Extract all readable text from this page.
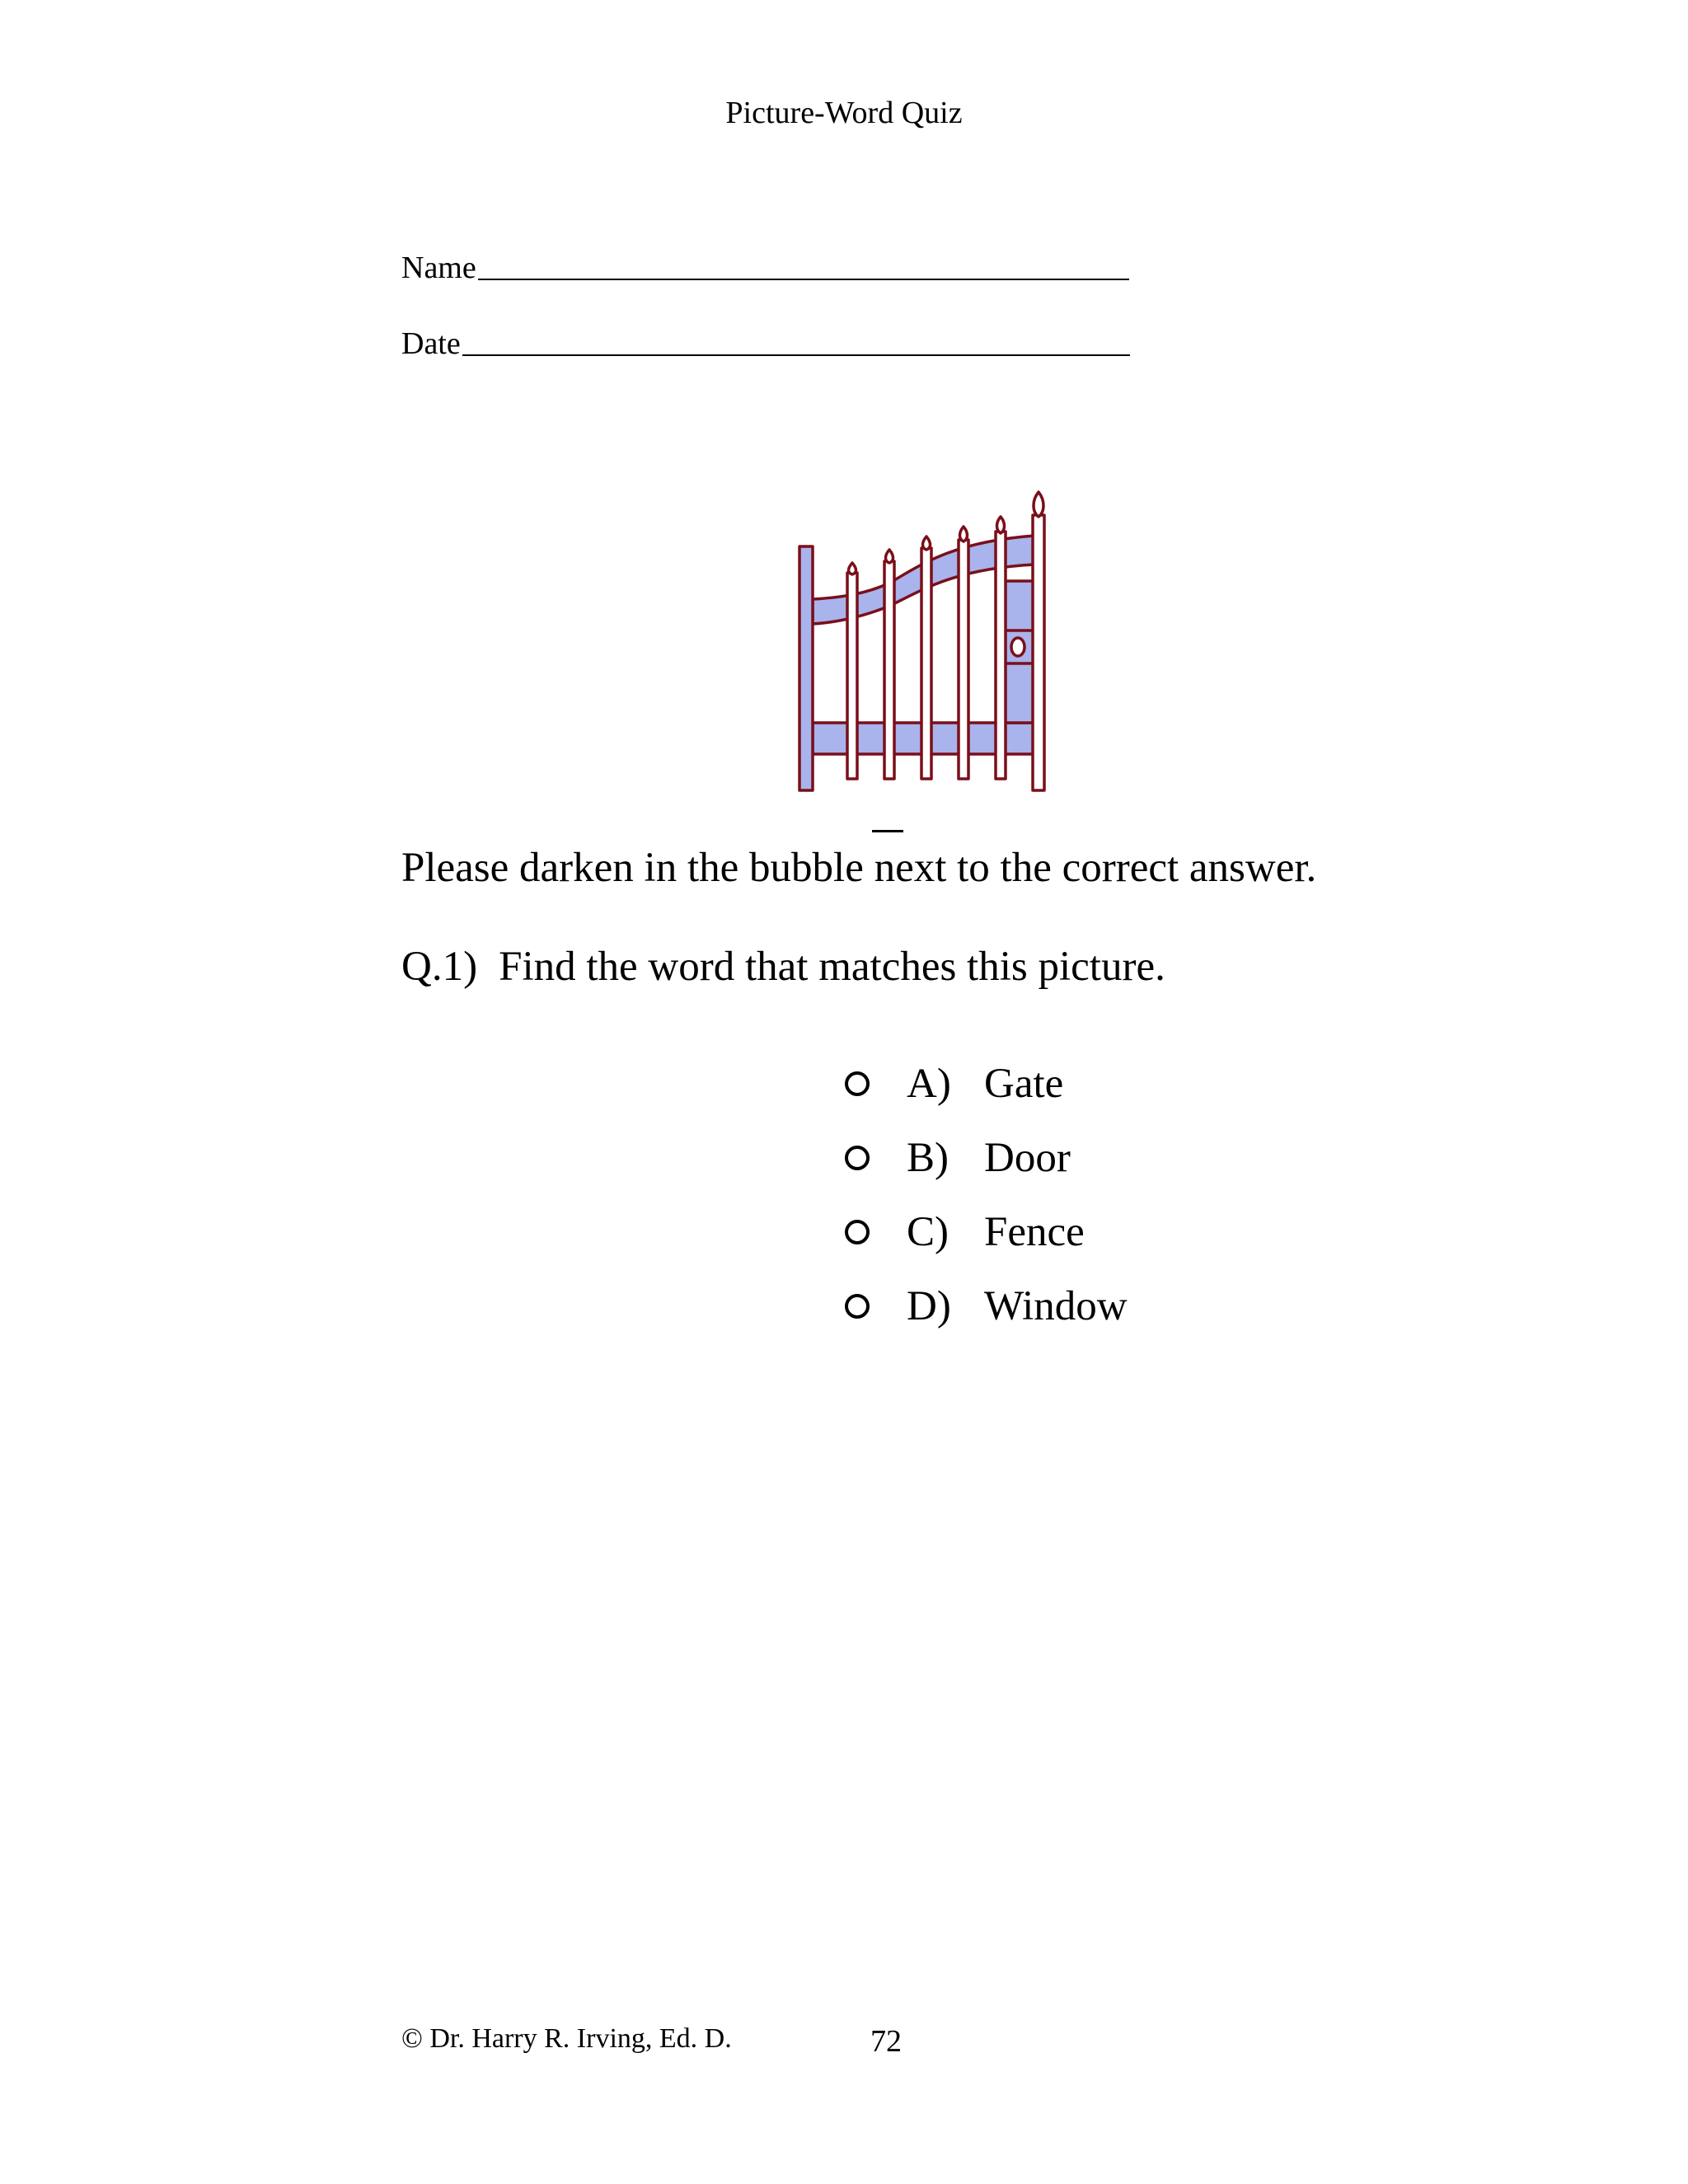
Picture-Word Quiz
Name
Date
Please darken in the bubble next to the correct answer.
Q.1) Find the word that matches this picture.
A) Gate
B) Door
C) Fence
D) Window
© Dr. Harry R. Irving, Ed. D.	72
